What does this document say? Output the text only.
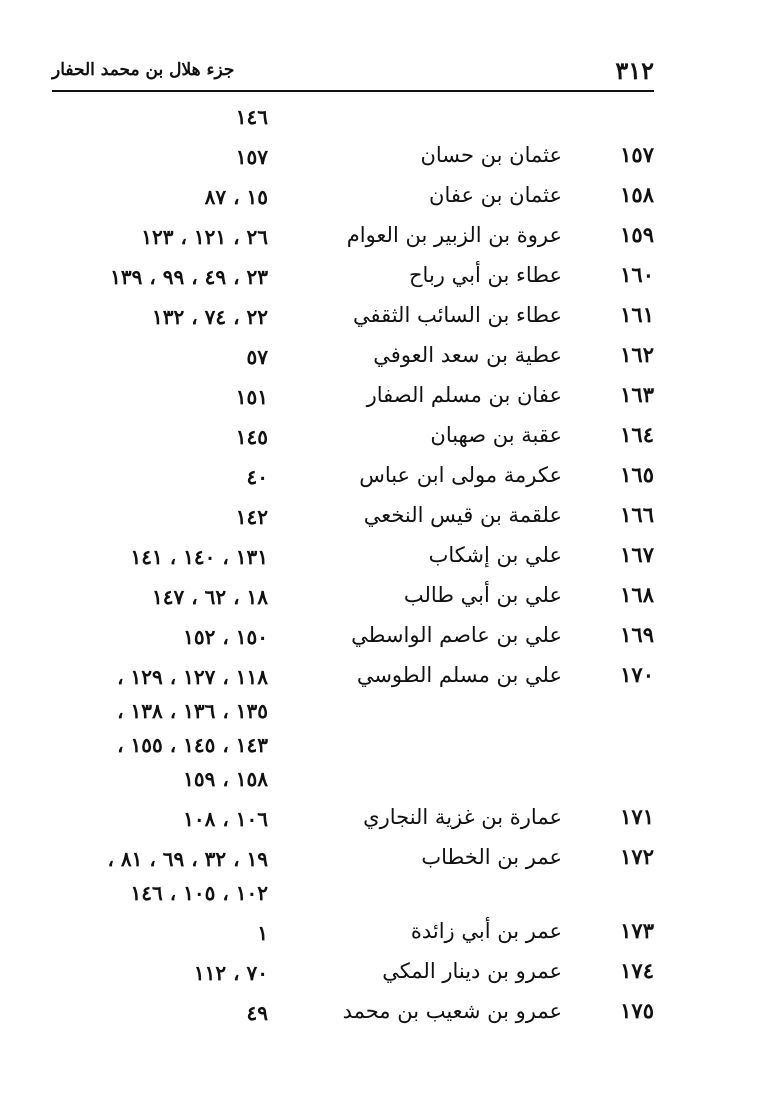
٣١٢
جزء هلال بن محمد الحفار
١٤٦
١٥٧
عثمان بن حسان
١٥٧
١٥٨
عثمان بن عفان
١٥ ، ٨٧
١٥٩
عروة بن الزبير بن العوام
٢٦ ، ١٢١ ، ١٢٣
١٦٠
عطاء بن أبي رباح
٢٣ ، ٤٩ ، ٩٩ ، ١٣٩
١٦١
عطاء بن السائب الثقفي
٢٢ ، ٧٤ ، ١٣٢
١٦٢
عطية بن سعد العوفي
٥٧
١٦٣
عفان بن مسلم الصفار
١٥١
١٦٤
عقبة بن صهبان
١٤٥
١٦٥
عكرمة مولى ابن عباس
٤٠
١٦٦
علقمة بن قيس النخعي
١٤٢
١٦٧
علي بن إشكاب
١٣١ ، ١٤٠ ، ١٤١
١٦٨
علي بن أبي طالب
١٨ ، ٦٢ ، ١٤٧
١٦٩
علي بن عاصم الواسطي
١٥٠ ، ١٥٢
١٧٠
علي بن مسلم الطوسي
١١٨ ، ١٢٧ ، ١٢٩ ،
١٣٥ ، ١٣٦ ، ١٣٨ ،
١٤٣ ، ١٤٥ ، ١٥٥ ،
١٥٨ ، ١٥٩
١٧١
عمارة بن غزية النجاري
١٠٦ ، ١٠٨
١٧٢
عمر بن الخطاب
١٩ ، ٣٢ ، ٦٩ ، ٨١ ،
١٠٢ ، ١٠٥ ، ١٤٦
١٧٣
عمر بن أبي زائدة
١
١٧٤
عمرو بن دينار المكي
٧٠ ، ١١٢
١٧٥
عمرو بن شعيب بن محمد
٤٩
